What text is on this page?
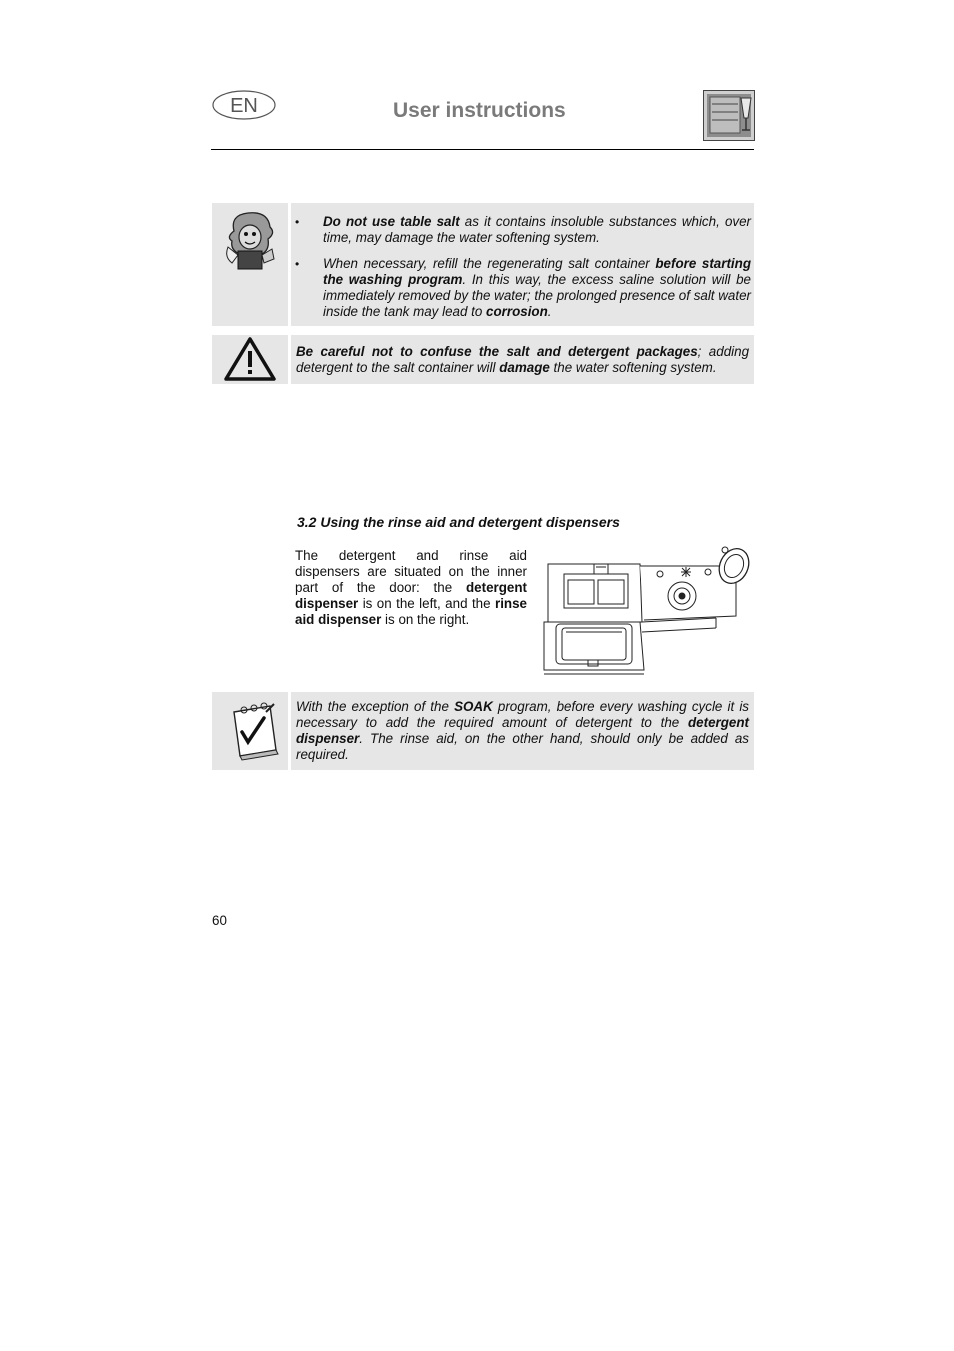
EN	User instructions
• Do not use table salt as it contains insoluble substances which, over time, may damage the water softening system.
• When necessary, refill the regenerating salt container before starting the washing program. In this way, the excess saline solution will be immediately removed by the water; the prolonged presence of salt water inside the tank may lead to corrosion.
Be careful not to confuse the salt and detergent packages; adding detergent to the salt container will damage the water softening system.
3.2 Using the rinse aid and detergent dispensers
The detergent and rinse aid dispensers are situated on the inner part of the door: the detergent dispenser is on the left, and the rinse aid dispenser is on the right.
With the exception of the SOAK program, before every washing cycle it is necessary to add the required amount of detergent to the detergent dispenser. The rinse aid, on the other hand, should only be added as required.
60
